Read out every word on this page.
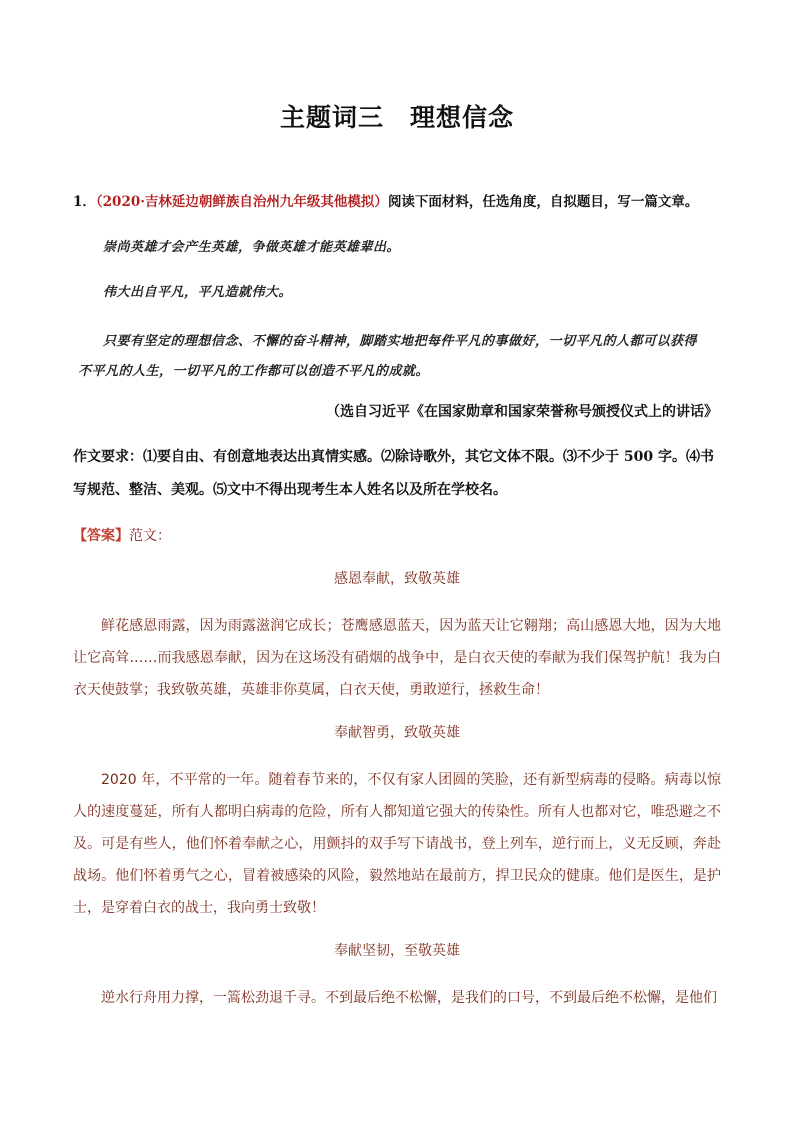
主题词三　理想信念
1．（2020·吉林延边朝鲜族自治州九年级其他模拟）阅读下面材料，任选角度，自拟题目，写一篇文章。
崇尚英雄才会产生英雄，争做英雄才能英雄辈出。
伟大出自平凡，平凡造就伟大。
只要有坚定的理想信念、不懈的奋斗精神，脚踏实地把每件平凡的事做好，一切平凡的人都可以获得不平凡的人生，一切平凡的工作都可以创造不平凡的成就。
（选自习近平《在国家勋章和国家荣誉称号颁授仪式上的讲话》
作文要求：⑴要自由、有创意地表达出真情实感。⑵除诗歌外，其它文体不限。⑶不少于 500 字。⑷书写规范、整洁、美观。⑸文中不得出现考生本人姓名以及所在学校名。
【答案】范文：
感恩奉献，致敬英雄
鲜花感恩雨露，因为雨露滋润它成长；苍鹰感恩蓝天，因为蓝天让它翱翔；高山感恩大地，因为大地让它高耸……而我感恩奉献，因为在这场没有硝烟的战争中，是白衣天使的奉献为我们保驾护航！我为白衣天使鼓掌；我致敬英雄，英雄非你莫属，白衣天使，勇敢逆行，拯救生命！
奉献智勇，致敬英雄
2020 年，不平常的一年。随着春节来的，不仅有家人团圆的笑脸，还有新型病毒的侵略。病毒以惊人的速度蔓延，所有人都明白病毒的危险，所有人都知道它强大的传染性。所有人也都对它，唯恐避之不及。可是有些人，他们怀着奉献之心，用颤抖的双手写下请战书，登上列车，逆行而上，义无反顾，奔赴战场。他们怀着勇气之心，冒着被感染的风险，毅然地站在最前方，捍卫民众的健康。他们是医生，是护士，是穿着白衣的战士，我向勇士致敬！
奉献坚韧，至敬英雄
逆水行舟用力撑，一篙松劲退千寻。不到最后绝不松懈，是我们的口号，不到最后绝不松懈，是他们
